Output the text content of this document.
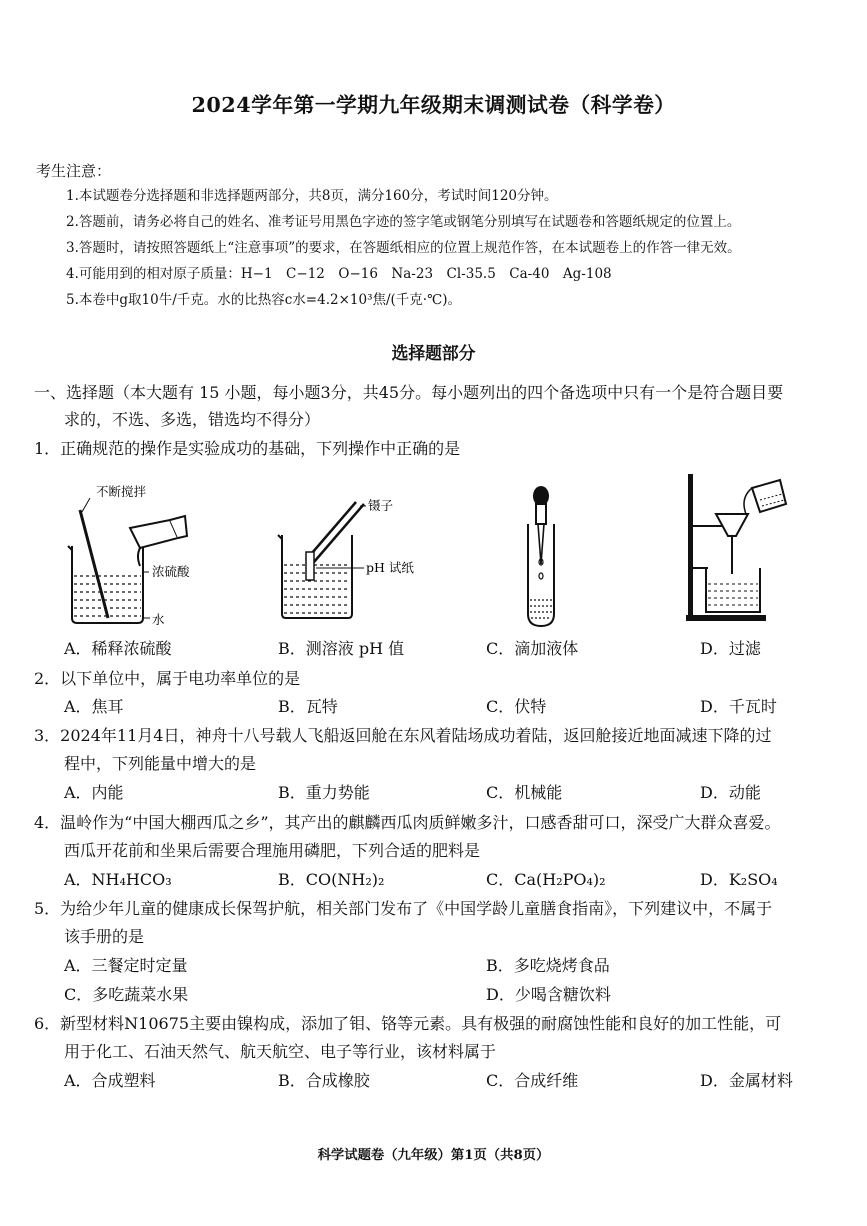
2024学年第一学期九年级期末调测试卷（科学卷）
考生注意：
1.本试题卷分选择题和非选择题两部分，共8页，满分160分，考试时间120分钟。
2.答题前，请务必将自己的姓名、准考证号用黑色字迹的签字笔或钢笔分别填写在试题卷和答题纸规定的位置上。
3.答题时，请按照答题纸上“注意事项”的要求，在答题纸相应的位置上规范作答，在本试题卷上的作答一律无效。
4.可能用到的相对原子质量：H−1　C−12　O−16　Na-23　Cl-35.5　Ca-40　Ag-108
5.本卷中g取10牛/千克。水的比热容c水=4.2×10³焦/(千克·℃)。
选择题部分
一、选择题（本大题有 15 小题，每小题3分，共45分。每小题列出的四个备选项中只有一个是符合题目要
求的，不选、多选，错选均不得分）
1．正确规范的操作是实验成功的基础，下列操作中正确的是
不断搅拌
浓硫酸
水
镊子
pH 试纸
A．稀释浓硫酸	B．测溶液 pH 值	C．滴加液体	D．过滤
2．以下单位中，属于电功率单位的是
A．焦耳	B．瓦特	C．伏特	D．千瓦时
3．2024年11月4日，神舟十八号载人飞船返回舱在东风着陆场成功着陆，返回舱接近地面减速下降的过
程中，下列能量中增大的是
A．内能	B．重力势能	C．机械能	D．动能
4．温岭作为“中国大棚西瓜之乡”，其产出的麒麟西瓜肉质鲜嫩多汁，口感香甜可口，深受广大群众喜爱。
西瓜开花前和坐果后需要合理施用磷肥，下列合适的肥料是
A．NH₄HCO₃	B．CO(NH₂)₂	C．Ca(H₂PO₄)₂	D．K₂SO₄
5．为给少年儿童的健康成长保驾护航，相关部门发布了《中国学龄儿童膳食指南》，下列建议中，不属于
该手册的是
A．三餐定时定量	B．多吃烧烤食品
C．多吃蔬菜水果	D．少喝含糖饮料
6．新型材料N10675主要由镍构成，添加了钼、铬等元素。具有极强的耐腐蚀性能和良好的加工性能，可
用于化工、石油天然气、航天航空、电子等行业，该材料属于
A．合成塑料	B．合成橡胶	C．合成纤维	D．金属材料
科学试题卷（九年级）第1页（共8页）
